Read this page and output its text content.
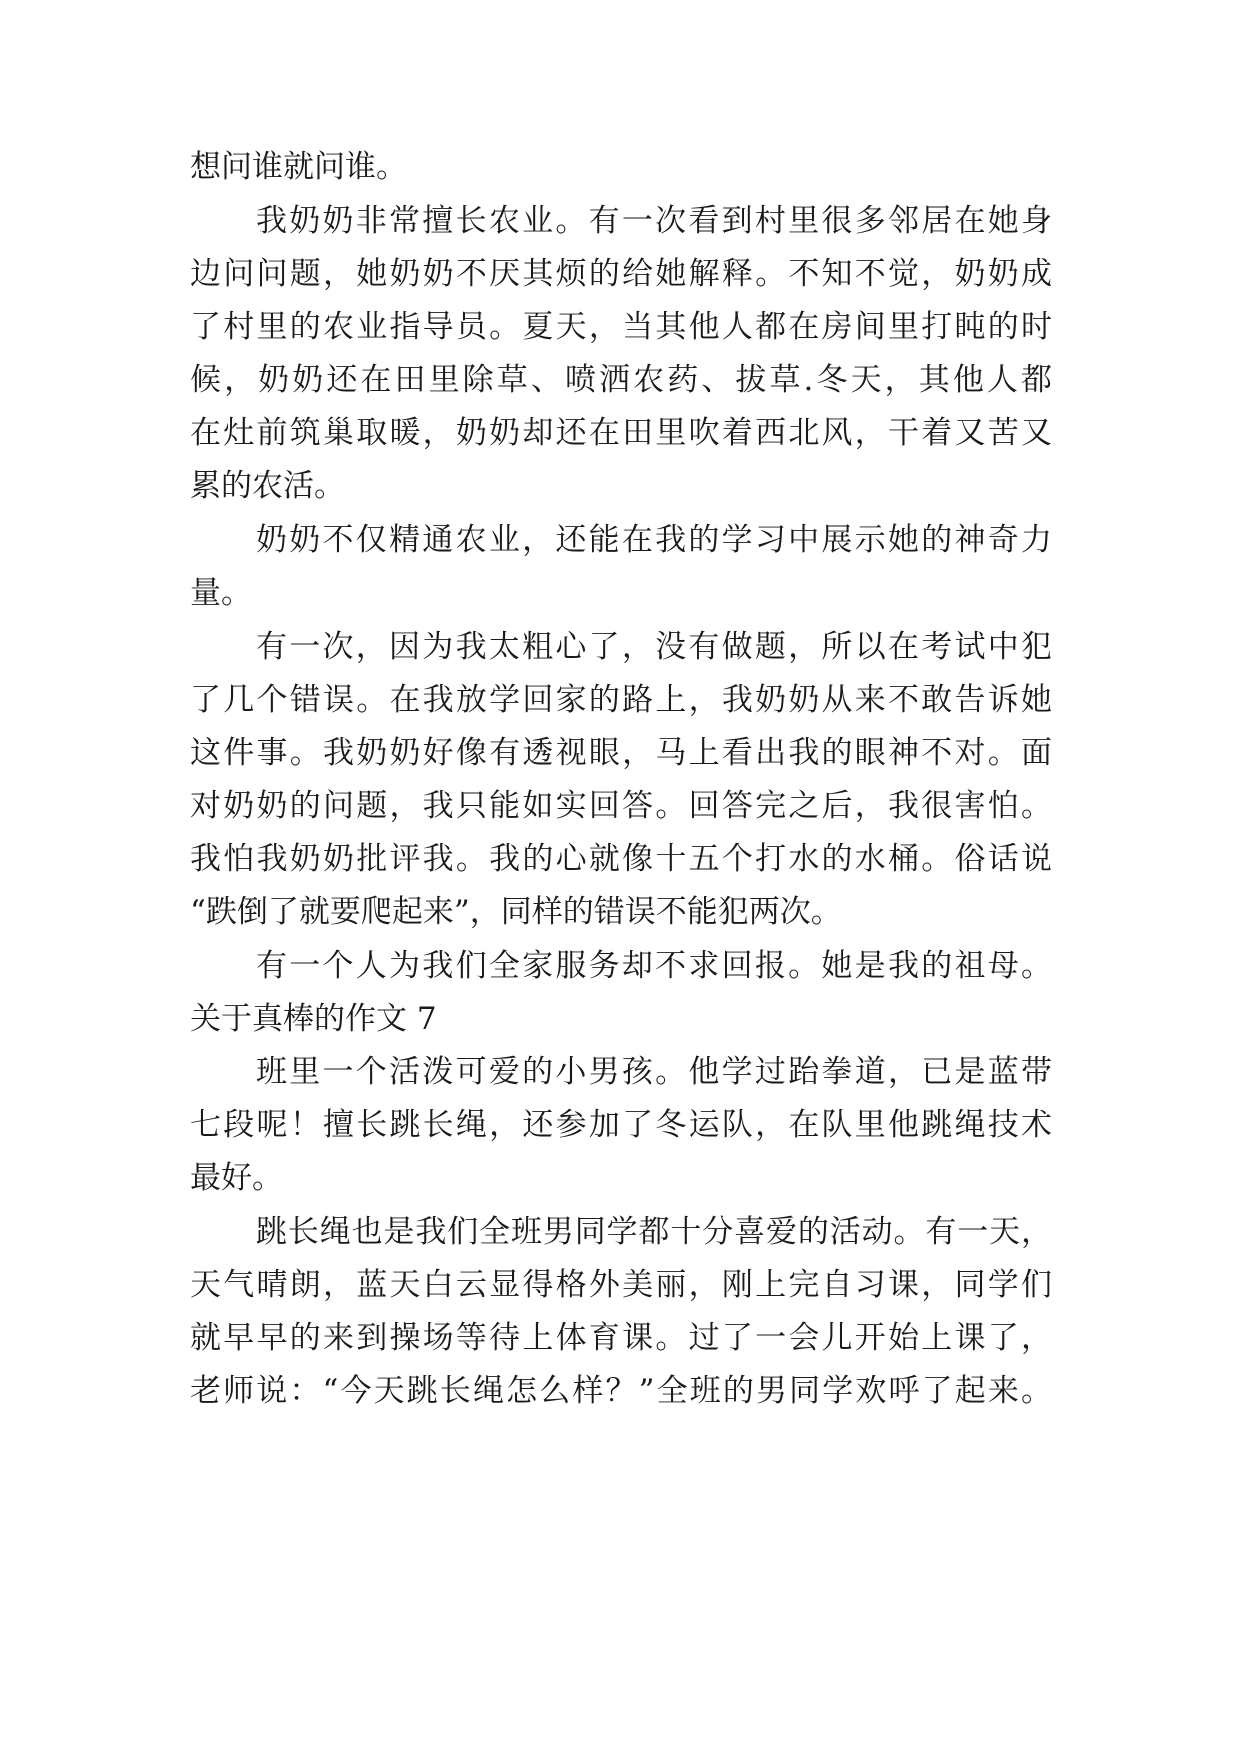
想问谁就问谁。
我奶奶非常擅长农业。有一次看到村里很多邻居在她身
边问问题，她奶奶不厌其烦的给她解释。不知不觉，奶奶成
了村里的农业指导员。夏天，当其他人都在房间里打盹的时
候，奶奶还在田里除草、喷洒农药、拔草.冬天，其他人都
在灶前筑巢取暖，奶奶却还在田里吹着西北风，干着又苦又
累的农活。
奶奶不仅精通农业，还能在我的学习中展示她的神奇力
量。
有一次，因为我太粗心了，没有做题，所以在考试中犯
了几个错误。在我放学回家的路上，我奶奶从来不敢告诉她
这件事。我奶奶好像有透视眼，马上看出我的眼神不对。面
对奶奶的问题，我只能如实回答。回答完之后，我很害怕。
我怕我奶奶批评我。我的心就像十五个打水的水桶。俗话说
“跌倒了就要爬起来”，同样的错误不能犯两次。
有一个人为我们全家服务却不求回报。她是我的祖母。
关于真棒的作文 7
班里一个活泼可爱的小男孩。他学过跆拳道，已是蓝带
七段呢！擅长跳长绳，还参加了冬运队，在队里他跳绳技术
最好。
跳长绳也是我们全班男同学都十分喜爱的活动。有一天，
天气晴朗，蓝天白云显得格外美丽，刚上完自习课，同学们
就早早的来到操场等待上体育课。过了一会儿开始上课了，
老师说：“今天跳长绳怎么样？”全班的男同学欢呼了起来。
